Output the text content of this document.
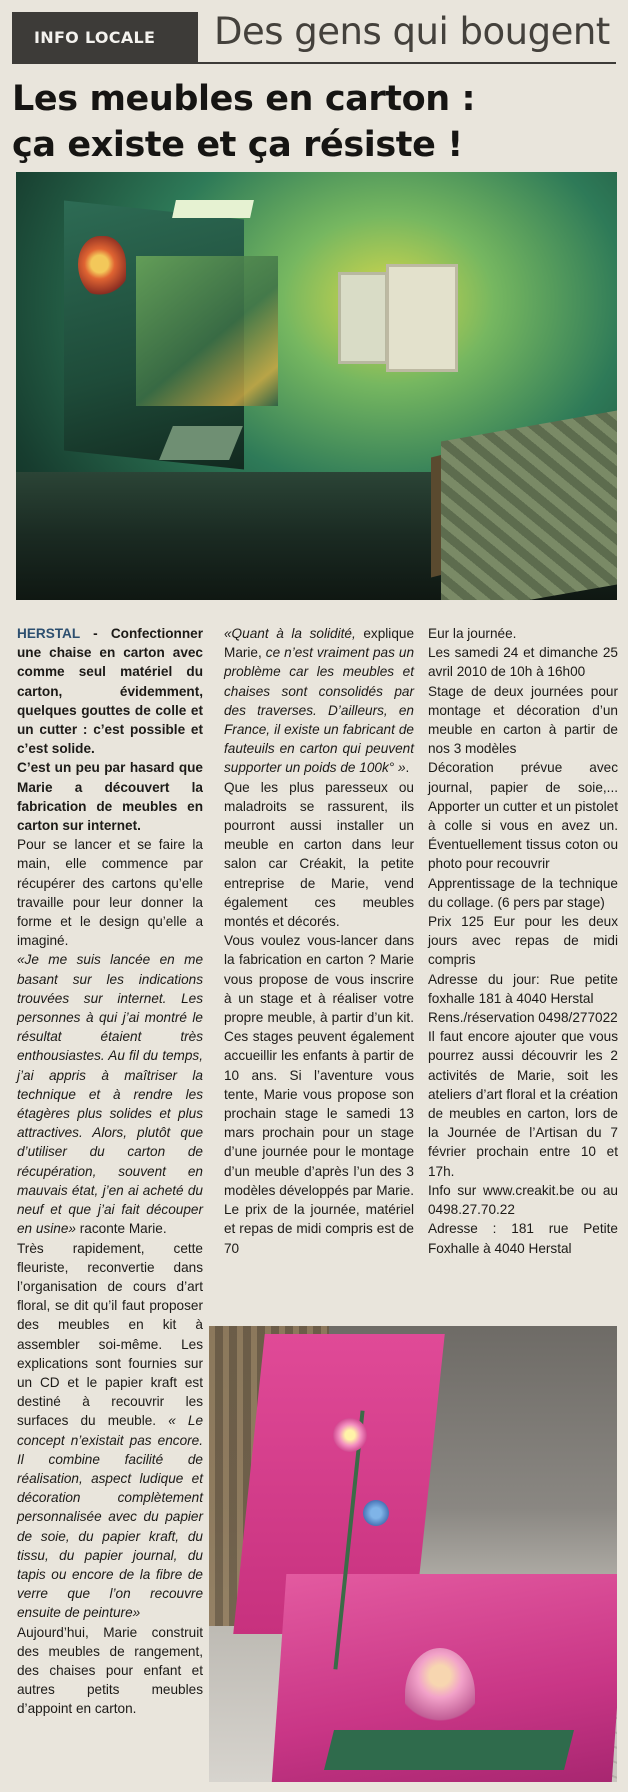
INFO LOCALE	Des gens qui bougent
Les meubles en carton :
ça existe et ça résiste !

HERSTAL - Confectionner une chaise en carton avec comme seul matériel du carton, évidemment, quelques gouttes de colle et un cutter : c’est possible et c’est solide.

C’est un peu par hasard que Marie a découvert la fabrication de meubles en carton sur internet.

Pour se lancer et se faire la main, elle commence par récupérer des cartons qu’elle travaille pour leur donner la forme et le design qu’elle a imaginé.

«Je me suis lancée en me basant sur les indications trouvées sur internet. Les personnes à qui j’ai montré le résultat étaient très enthousiastes. Au fil du temps, j’ai appris à maîtriser la technique et à rendre les étagères plus solides et plus attractives. Alors, plutôt que d’utiliser du carton de récupération, souvent en mauvais état, j’en ai acheté du neuf et que j’ai fait découper en usine» raconte Marie.

Très rapidement, cette fleuriste, reconvertie dans l’organisation de cours d’art floral, se dit qu’il faut proposer des meubles en kit à assembler soi-même. Les explications sont fournies sur un CD et le papier kraft est destiné à recouvrir les surfaces du meuble. « Le concept n’existait pas encore. Il combine facilité de réalisation, aspect ludique et décoration complètement personnalisée avec du papier de soie, du papier kraft, du tissu, du papier journal, du tapis ou encore de la fibre de verre que l’on recouvre ensuite de peinture»

Aujourd’hui, Marie construit des meubles de rangement, des chaises pour enfant et autres petits meubles d’appoint en carton.

«Quant à la solidité, explique Marie, ce n’est vraiment pas un problème car les meubles et chaises sont consolidés par des traverses. D’ailleurs, en France, il existe un fabricant de fauteuils en carton qui peuvent supporter un poids de 100k° ».

Que les plus paresseux ou maladroits se rassurent, ils pourront aussi installer un meuble en carton dans leur salon car Créakit, la petite entreprise de Marie, vend également ces meubles montés et décorés.

Vous voulez vous-lancer dans la fabrication en carton ? Marie vous propose de vous inscrire à un stage et à réaliser votre propre meuble, à partir d’un kit. Ces stages peuvent également accueillir les enfants à partir de 10 ans. Si l’aventure vous tente, Marie vous propose son prochain stage le samedi 13 mars prochain pour un stage d’une journée pour le montage d’un meuble d’après l’un des 3 modèles développés par Marie. Le prix de la journée, matériel et repas de midi compris est de 70

Eur la journée.

Les samedi 24 et dimanche 25 avril 2010 de 10h à 16h00

Stage de deux journées pour montage et décoration d’un meuble en carton à partir de nos 3 modèles

Décoration prévue avec journal, papier de soie,... Apporter un cutter et un pistolet à colle si vous en avez un. Éventuellement tissus coton ou photo pour recouvrir

Apprentissage de la technique du collage. (6 pers par stage)

Prix 125 Eur pour les deux jours avec repas de midi compris

Adresse du jour: Rue petite foxhalle 181 à 4040 Herstal

Rens./réservation 0498/277022

Il faut encore ajouter que vous pourrez aussi découvrir les 2 activités de Marie, soit les ateliers d’art floral et la création de meubles en carton, lors de la Journée de l’Artisan du 7 février prochain entre 10 et 17h.

Info sur www.creakit.be ou au 0498.27.70.22

Adresse : 181 rue Petite Foxhalle à 4040 Herstal
